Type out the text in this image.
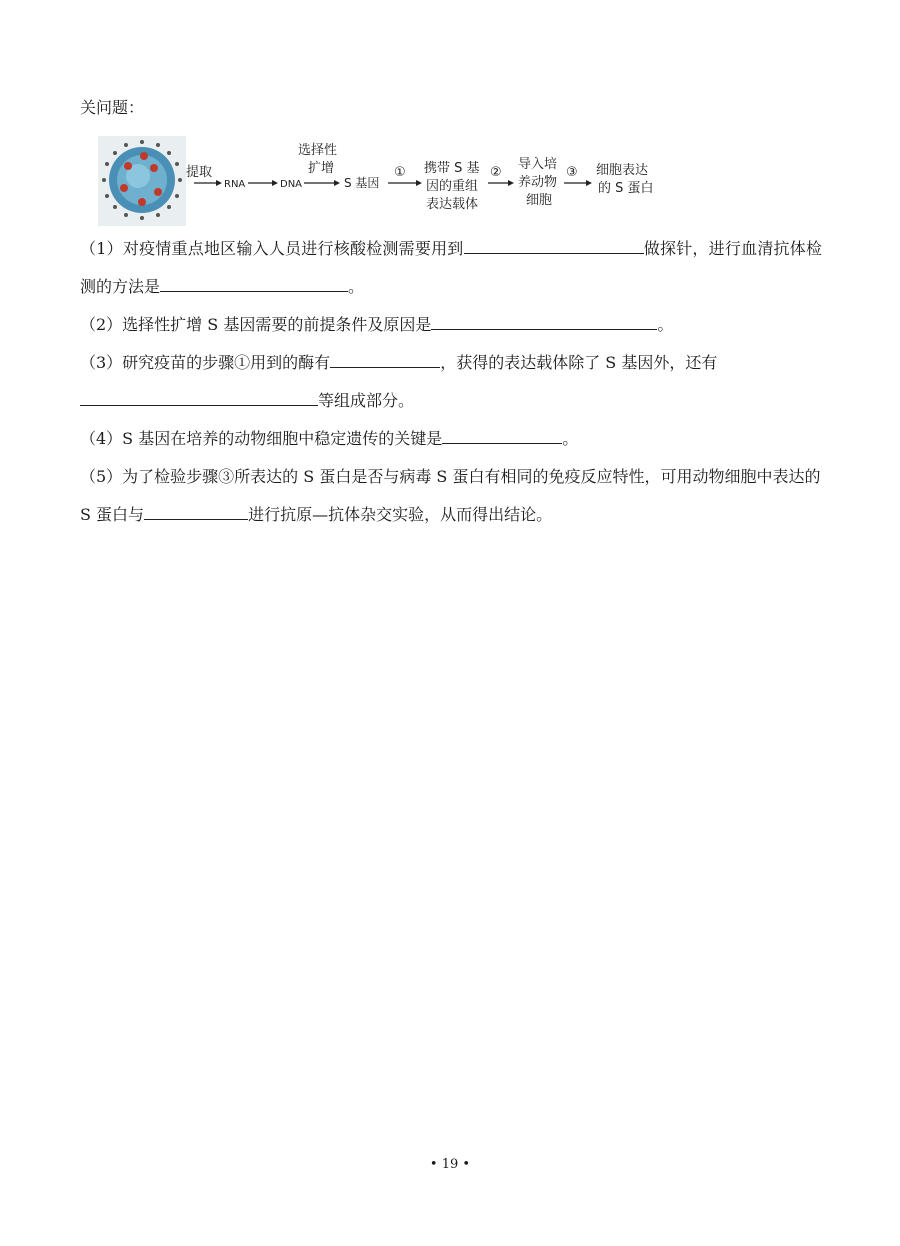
关问题：
提取
RNA	DNA
选择性
扩增
S 基因
① 携带 S 基
因的重组
表达载体
②
导入培
养动物
细胞
③ 细胞表达
的 S 蛋白
（1）对疫情重点地区输入人员进行核酸检测需要用到	做探针，进行血清抗体检测的方法是	。
（2）选择性扩增 S 基因需要的前提条件及原因是	。
（3）研究疫苗的步骤①用到的酶有	，获得的表达载体除了 S 基因外，还有
等组成部分。
（4）S 基因在培养的动物细胞中稳定遗传的关键是	。
（5）为了检验步骤③所表达的 S 蛋白是否与病毒 S 蛋白有相同的免疫反应特性，可用动物细胞中表达的 S 蛋白与	进行抗原—抗体杂交实验，从而得出结论。
• 19 •
